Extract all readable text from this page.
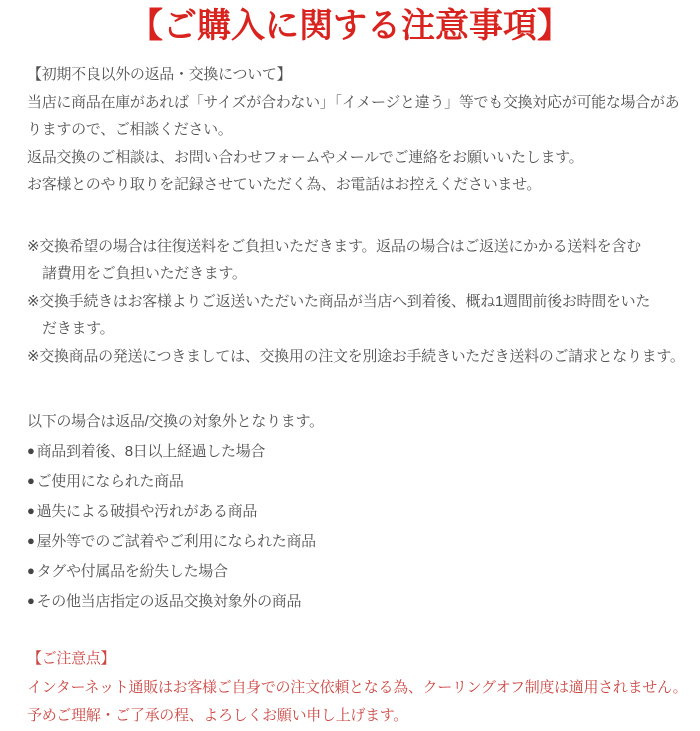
【ご購入に関する注意事項】
【初期不良以外の返品・交換について】
当店に商品在庫があれば「サイズが合わない」「イメージと違う」等でも交換対応が可能な場合があ
りますので、ご相談ください。
返品交換のご相談は、お問い合わせフォームやメールでご連絡をお願いいたします。
お客様とのやり取りを記録させていただく為、お電話はお控えくださいませ。
※交換希望の場合は往復送料をご負担いただきます。返品の場合はご返送にかかる送料を含む
諸費用をご負担いただきます。
※交換手続きはお客様よりご返送いただいた商品が当店へ到着後、概ね1週間前後お時間をいた
だきます。
※交換商品の発送につきましては、交換用の注文を別途お手続きいただき送料のご請求となります。
以下の場合は返品/交換の対象外となります。
● 商品到着後、8日以上経過した場合
● ご使用になられた商品
● 過失による破損や汚れがある商品
● 屋外等でのご試着やご利用になられた商品
● タグや付属品を紛失した場合
● その他当店指定の返品交換対象外の商品
【ご注意点】
インターネット通販はお客様ご自身での注文依頼となる為、クーリングオフ制度は適用されません。
予めご理解・ご了承の程、よろしくお願い申し上げます。
